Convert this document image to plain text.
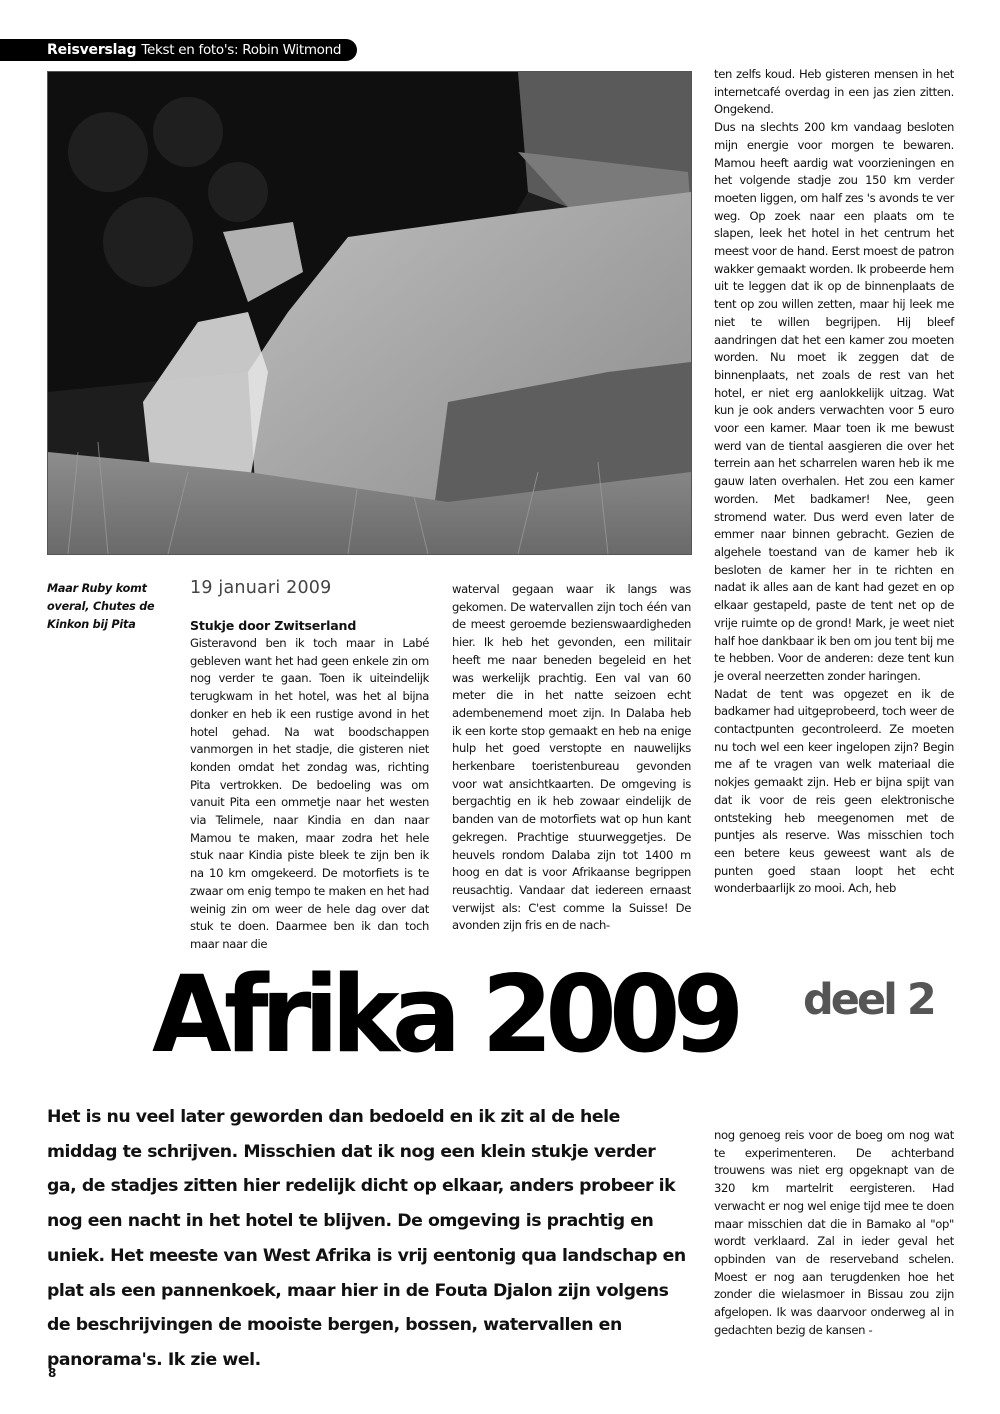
Reisverslag Tekst en foto's: Robin Witmond
Maar Ruby komt overal, Chutes de Kinkon bij Pita
19 januari 2009
Stukje door Zwitserland

Gisteravond ben ik toch maar in Labé gebleven want het had geen enkele zin om nog verder te gaan. Toen ik uiteindelijk terugkwam in het hotel, was het al bijna donker en heb ik een rustige avond in het hotel gehad. Na wat boodschappen vanmorgen in het stadje, die gisteren niet konden omdat het zondag was, richting Pita vertrokken. De bedoeling was om vanuit Pita een ommetje naar het westen via Telimele, naar Kindia en dan naar Mamou te maken, maar zodra het hele stuk naar Kindia piste bleek te zijn ben ik na 10 km omgekeerd. De motorfiets is te zwaar om enig tempo te maken en het had weinig zin om weer de hele dag over dat stuk te doen. Daarmee ben ik dan toch maar naar die

waterval gegaan waar ik langs was gekomen. De watervallen zijn toch één van de meest geroemde bezienswaardigheden hier. Ik heb het gevonden, een militair heeft me naar beneden begeleid en het was werkelijk prachtig. Een val van 60 meter die in het natte seizoen echt adembenemend moet zijn. In Dalaba heb ik een korte stop gemaakt en heb na enige hulp het goed verstopte en nauwelijks herkenbare toeristenbureau gevonden voor wat ansichtkaarten. De omgeving is bergachtig en ik heb zowaar eindelijk de banden van de motorfiets wat op hun kant gekregen. Prachtige stuurweggetjes. De heuvels rondom Dalaba zijn tot 1400 m hoog en dat is voor Afrikaanse begrippen reusachtig. Vandaar dat iedereen ernaast verwijst als: C'est comme la Suisse! De avonden zijn fris en de nach-

ten zelfs koud. Heb gisteren mensen in het internetcafé overdag in een jas zien zitten. Ongekend.

Dus na slechts 200 km vandaag besloten mijn energie voor morgen te bewaren. Mamou heeft aardig wat voorzieningen en het volgende stadje zou 150 km verder moeten liggen, om half zes 's avonds te ver weg. Op zoek naar een plaats om te slapen, leek het hotel in het centrum het meest voor de hand. Eerst moest de patron wakker gemaakt worden. Ik probeerde hem uit te leggen dat ik op de binnenplaats de tent op zou willen zetten, maar hij leek me niet te willen begrijpen. Hij bleef aandringen dat het een kamer zou moeten worden. Nu moet ik zeggen dat de binnenplaats, net zoals de rest van het hotel, er niet erg aanlokkelijk uitzag. Wat kun je ook anders verwachten voor 5 euro voor een kamer. Maar toen ik me bewust werd van de tiental aasgieren die over het terrein aan het scharrelen waren heb ik me gauw laten overhalen. Het zou een kamer worden. Met badkamer! Nee, geen stromend water. Dus werd even later de emmer naar binnen gebracht. Gezien de algehele toestand van de kamer heb ik besloten de kamer her in te richten en nadat ik alles aan de kant had gezet en op elkaar gestapeld, paste de tent net op de vrije ruimte op de grond! Mark, je weet niet half hoe dankbaar ik ben om jou tent bij me te hebben. Voor de anderen: deze tent kun je overal neerzetten zonder haringen.

Nadat de tent was opgezet en ik de badkamer had uitgeprobeerd, toch weer de contactpunten gecontroleerd. Ze moeten nu toch wel een keer ingelopen zijn? Begin me af te vragen van welk materiaal die nokjes gemaakt zijn. Heb er bijna spijt van dat ik voor de reis geen elektronische ontsteking heb meegenomen met de puntjes als reserve. Was misschien toch een betere keus geweest want als de punten goed staan loopt het echt wonderbaarlijk zo mooi. Ach, heb

Afrika 2009 deel 2
Het is nu veel later geworden dan bedoeld en ik zit al de hele middag te schrijven. Misschien dat ik nog een klein stukje verder ga, de stadjes zitten hier redelijk dicht op elkaar, anders probeer ik nog een nacht in het hotel te blijven. De omgeving is prachtig en uniek. Het meeste van West Afrika is vrij eentonig qua landschap en plat als een pannenkoek, maar hier in de Fouta Djalon zijn volgens de beschrijvingen de mooiste bergen, bossen, watervallen en panorama's. Ik zie wel.

nog genoeg reis voor de boeg om nog wat te experimenteren. De achterband trouwens was niet erg opgeknapt van de 320 km martelrit eergisteren. Had verwacht er nog wel enige tijd mee te doen maar misschien dat die in Bamako al "op" wordt verklaard. Zal in ieder geval het opbinden van de reserveband schelen. Moest er nog aan terugdenken hoe het zonder die wielasmoer in Bissau zou zijn afgelopen. Ik was daarvoor onderweg al in gedachten bezig de kansen -

8
